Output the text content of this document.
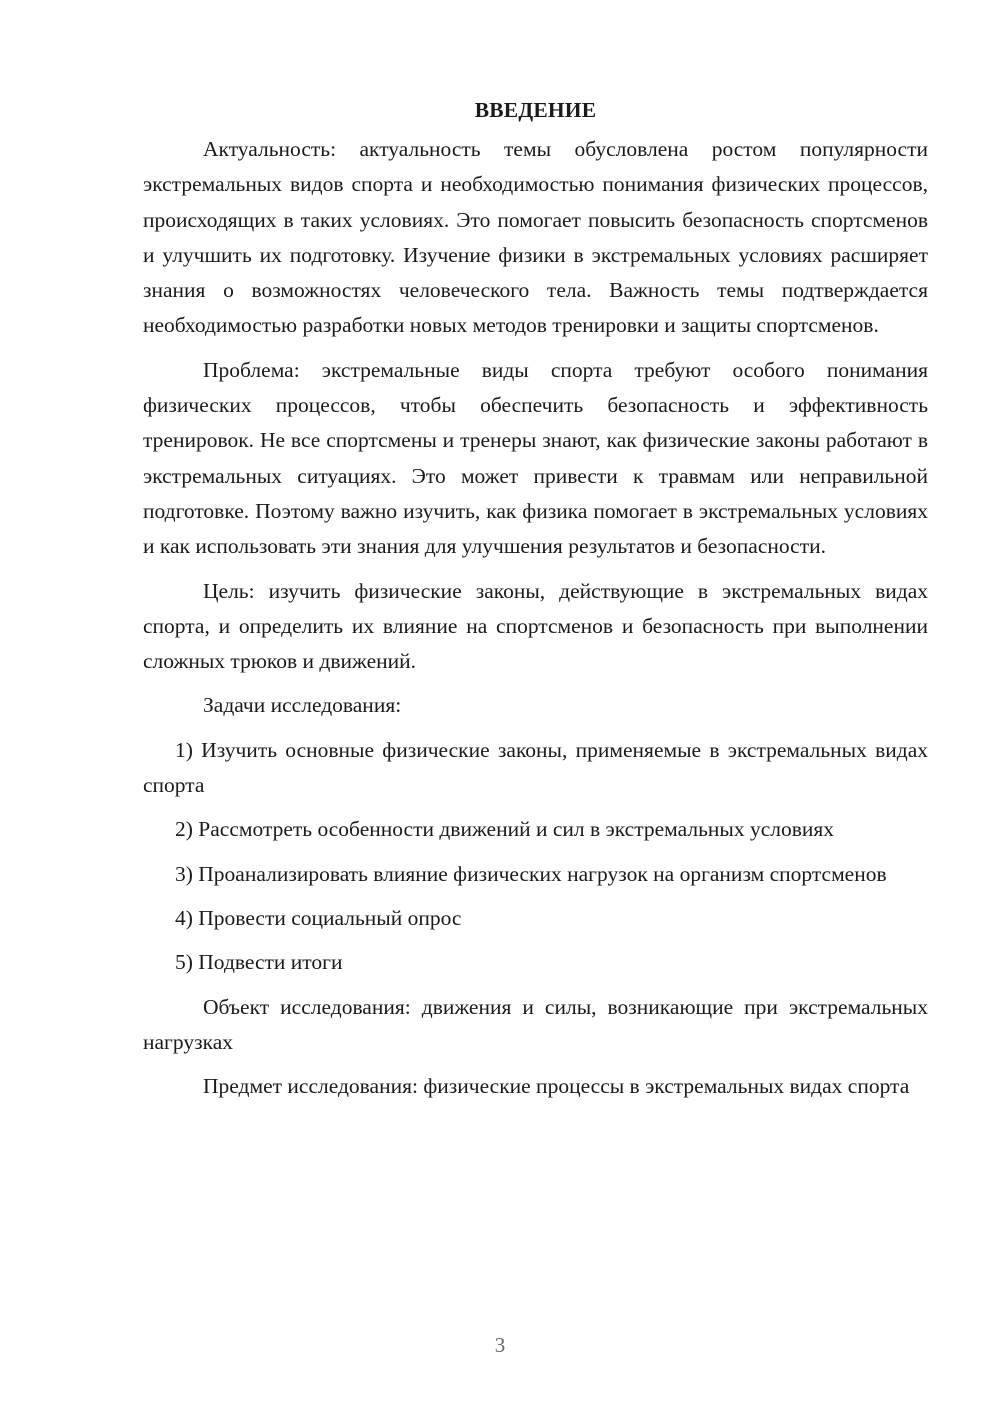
ВВЕДЕНИЕ

Актуальность: актуальность темы обусловлена ростом популярности экстремальных видов спорта и необходимостью понимания физических процессов, происходящих в таких условиях. Это помогает повысить безопасность спортсменов и улучшить их подготовку. Изучение физики в экстремальных условиях расширяет знания о возможностях человеческого тела. Важность темы подтверждается необходимостью разработки новых методов тренировки и защиты спортсменов.

Проблема: экстремальные виды спорта требуют особого понимания физических процессов, чтобы обеспечить безопасность и эффективность тренировок. Не все спортсмены и тренеры знают, как физические законы работают в экстремальных ситуациях. Это может привести к травмам или неправильной подготовке. Поэтому важно изучить, как физика помогает в экстремальных условиях и как использовать эти знания для улучшения результатов и безопасности.

Цель: изучить физические законы, действующие в экстремальных видах спорта, и определить их влияние на спортсменов и безопасность при выполнении сложных трюков и движений.

Задачи исследования:

1) Изучить основные физические законы, применяемые в экстремальных видах спорта

2) Рассмотреть особенности движений и сил в экстремальных условиях

3) Проанализировать влияние физических нагрузок на организм спортсменов

4) Провести социальный опрос

5) Подвести итоги

Объект исследования: движения и силы, возникающие при экстремальных нагрузках

Предмет исследования: физические процессы в экстремальных видах спорта

3
